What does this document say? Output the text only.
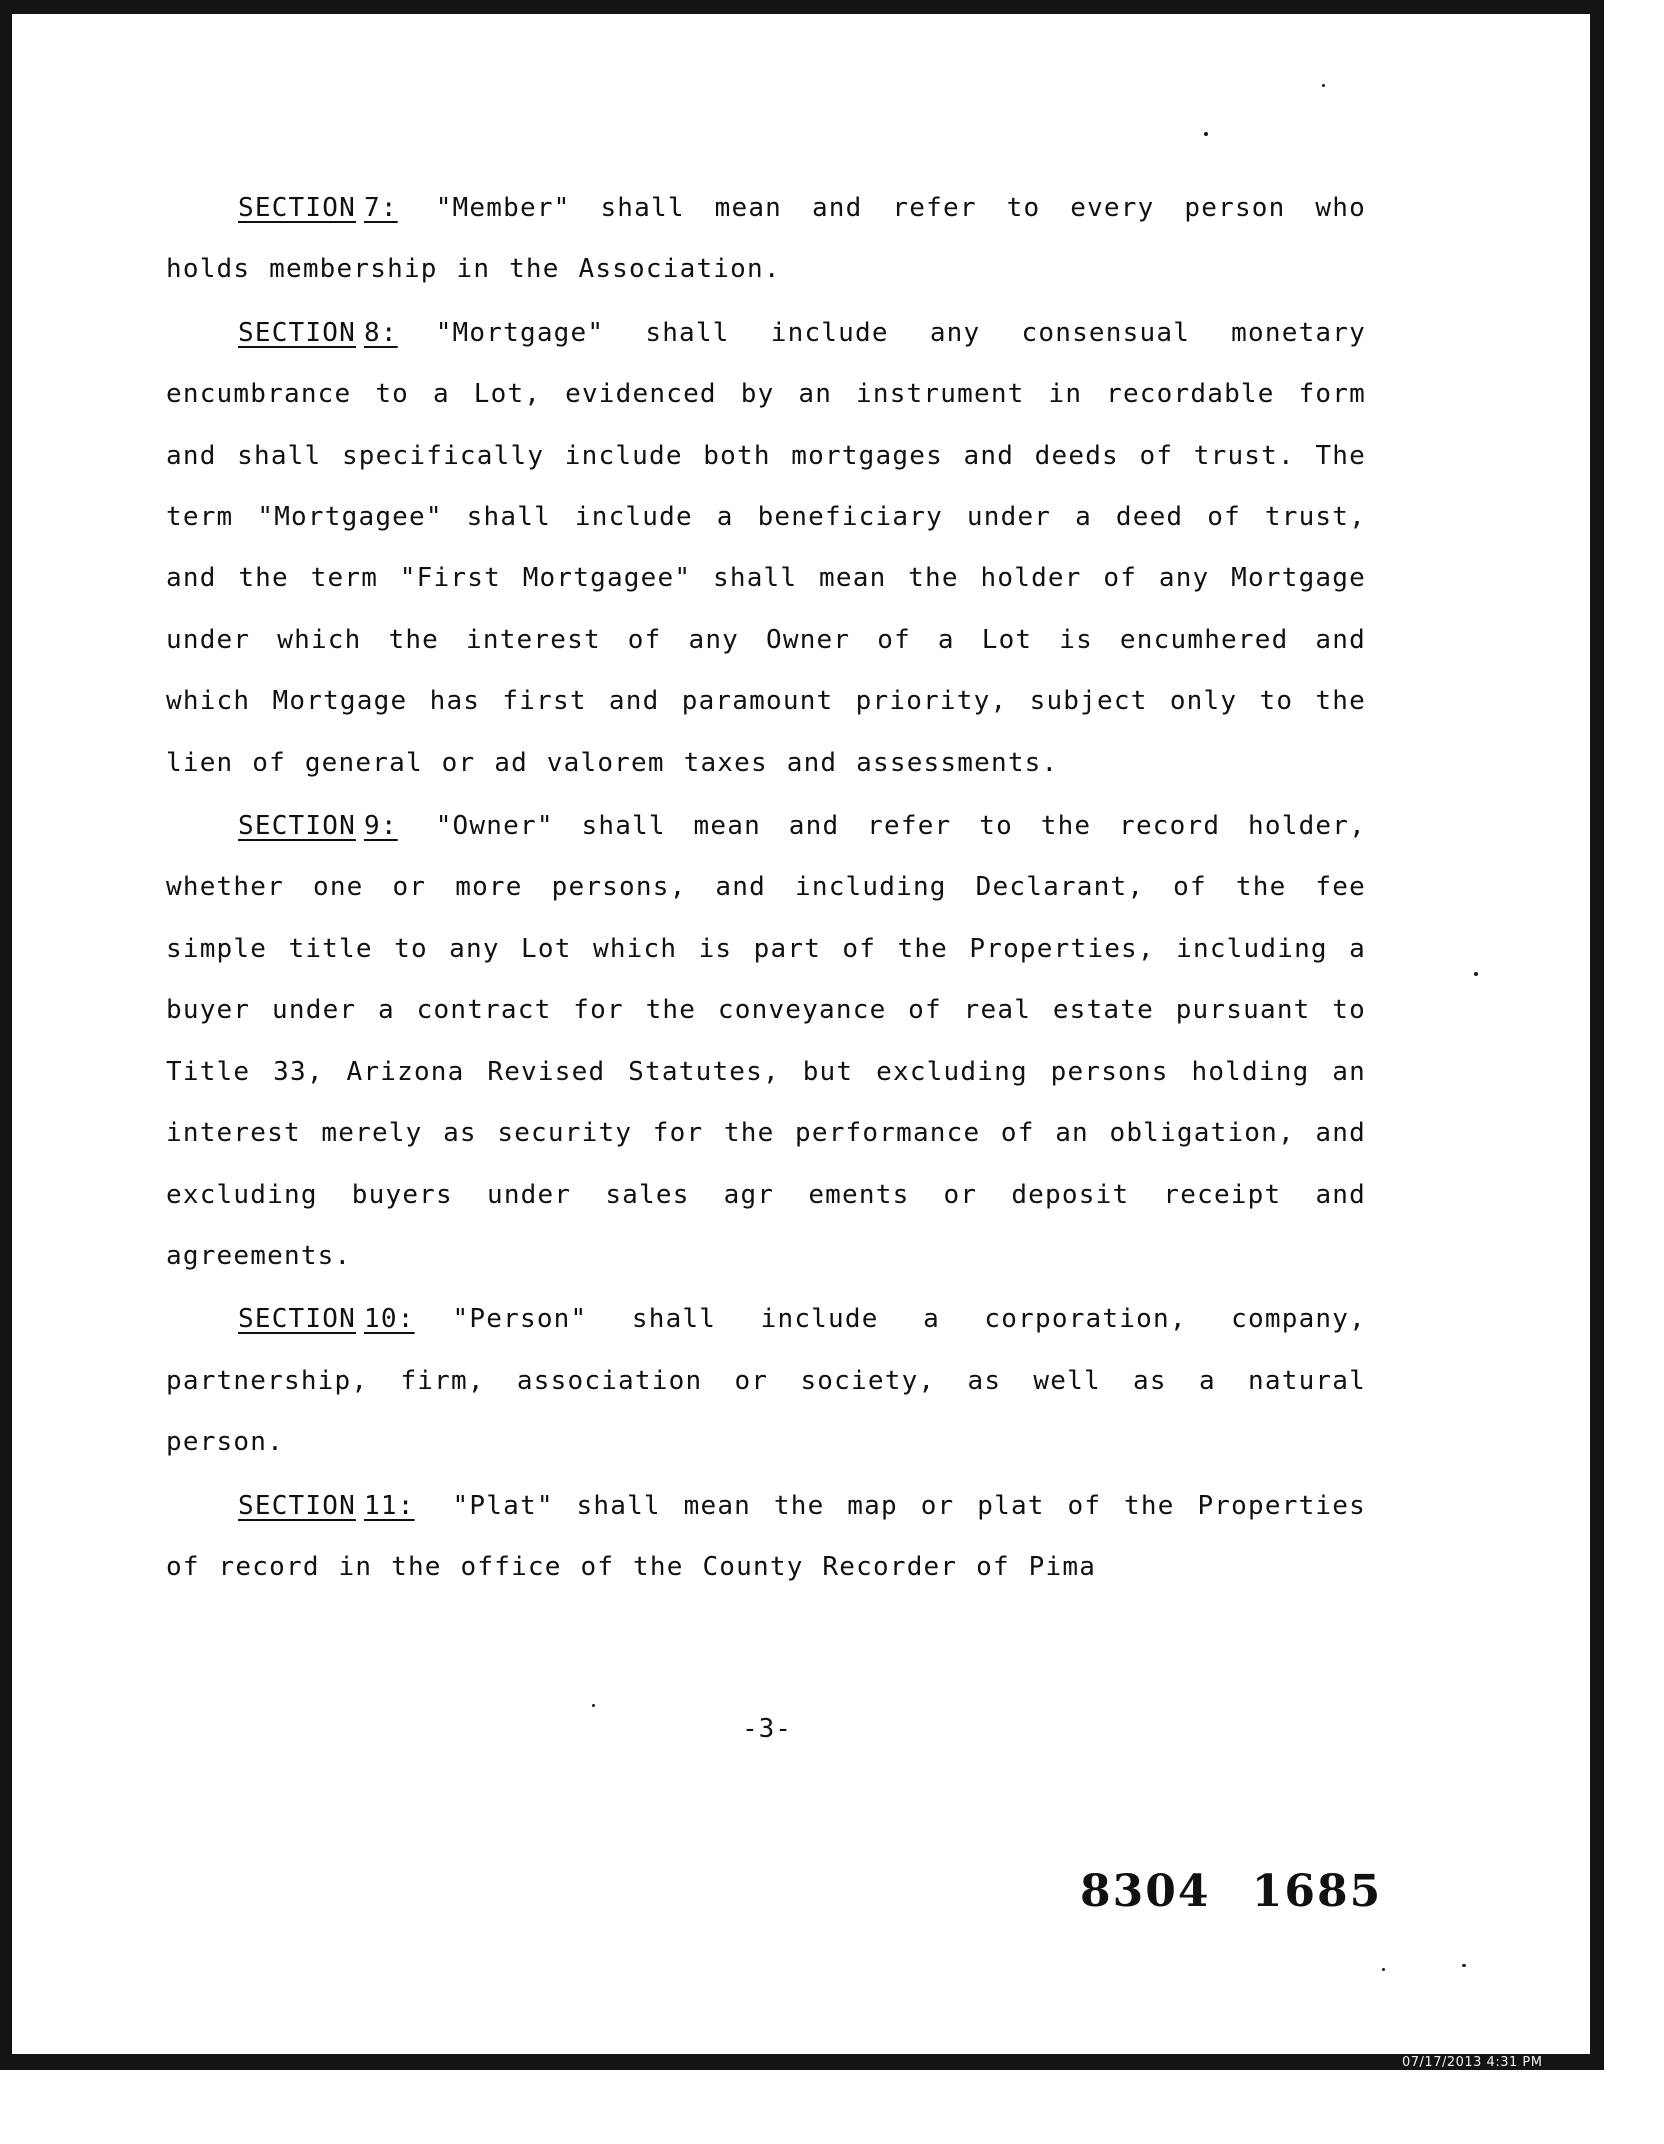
SECTION 7: "Member" shall mean and refer to every person who holds membership in the Association.

SECTION 8: "Mortgage" shall include any consensual monetary encumbrance to a Lot, evidenced by an instrument in recordable form and shall specifically include both mortgages and deeds of trust. The term "Mortgagee" shall include a beneficiary under a deed of trust, and the term "First Mortgagee" shall mean the holder of any Mortgage under which the interest of any Owner of a Lot is encumhered and which Mortgage has first and paramount priority, subject only to the lien of general or ad valorem taxes and assessments.

SECTION 9: "Owner" shall mean and refer to the record holder, whether one or more persons, and including Declarant, of the fee simple title to any Lot which is part of the Properties, including a buyer under a contract for the conveyance of real estate pursuant to Title 33, Arizona Revised Statutes, but excluding persons holding an interest merely as security for the performance of an obligation, and excluding buyers under sales agr ements or deposit receipt and agreements.

SECTION 10: "Person" shall include a corporation, company, partnership, firm, association or society, as well as a natural person.

SECTION 11: "Plat" shall mean the map or plat of the Properties of record in the office of the County Recorder of Pima

-3-
8304 1685
07/17/2013 4:31 PM
